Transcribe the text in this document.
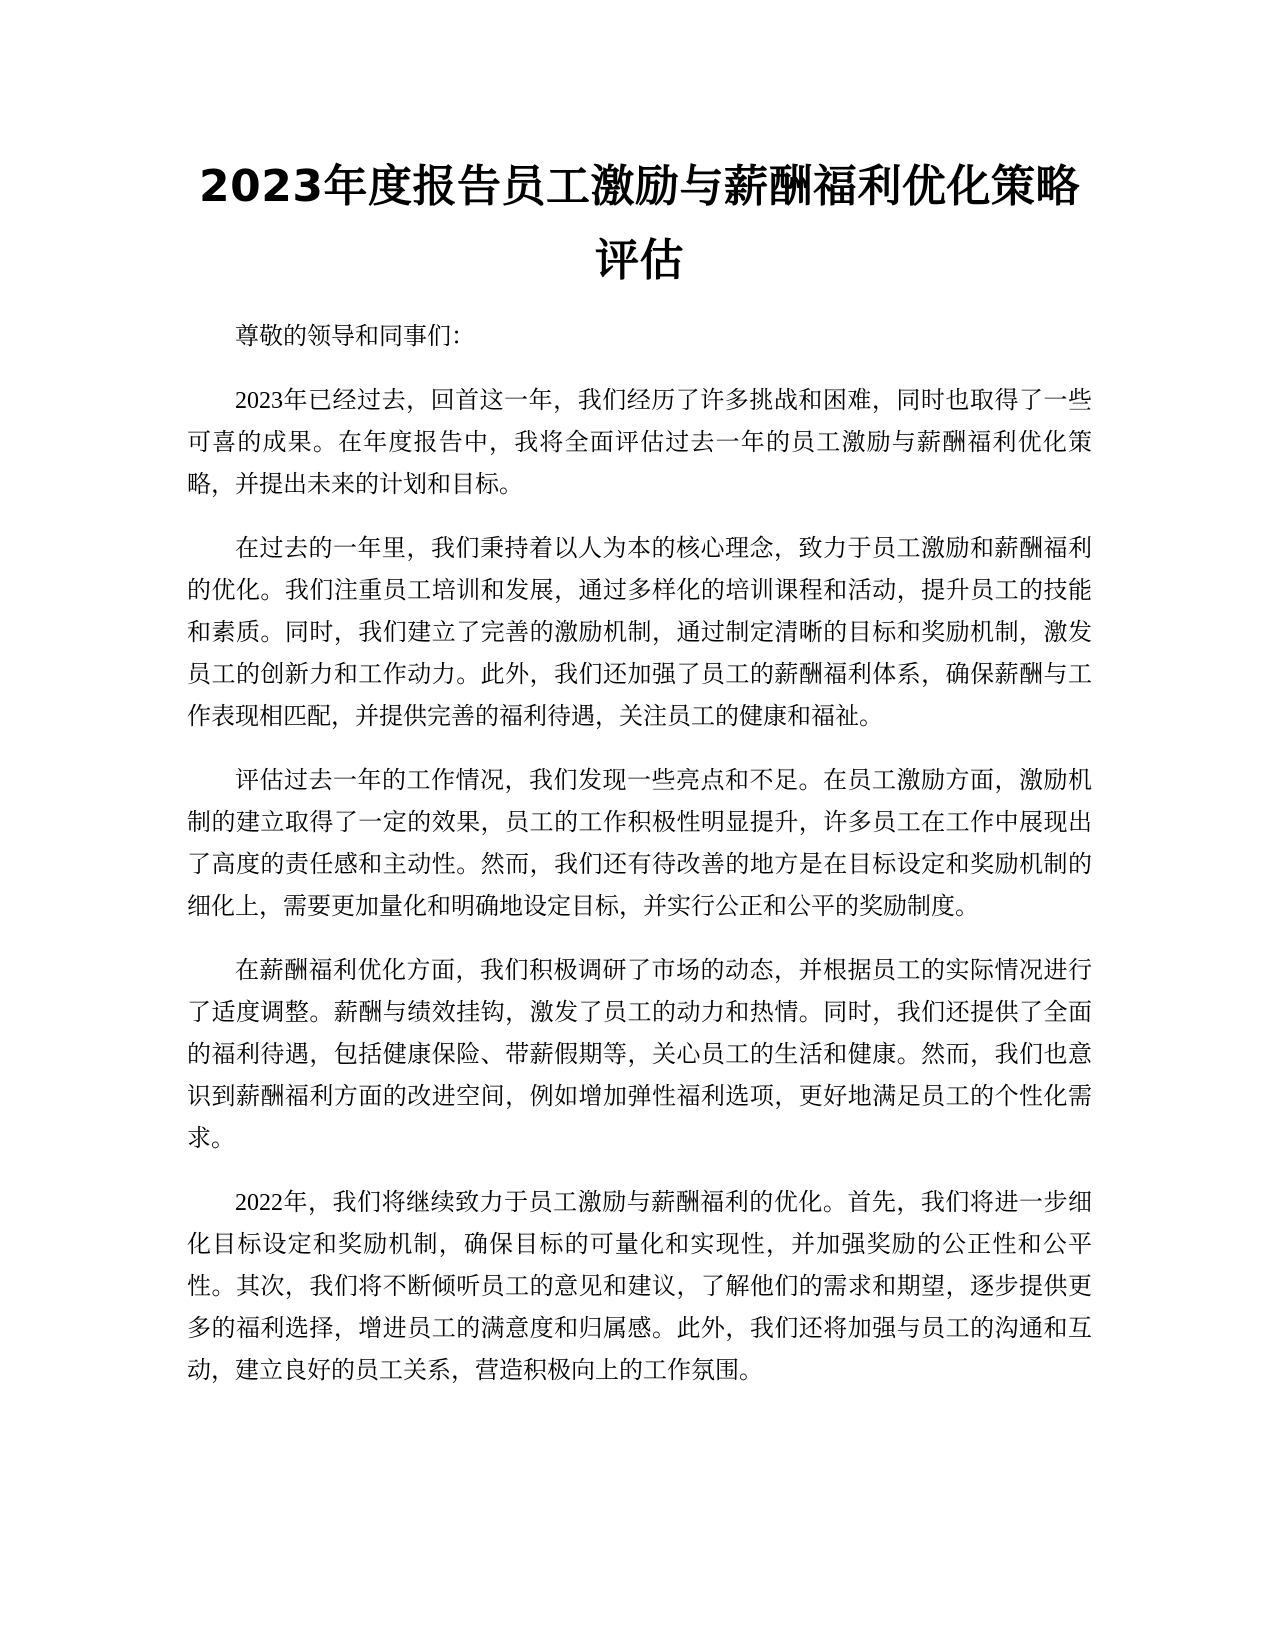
2023年度报告员工激励与薪酬福利优化策略评估

尊敬的领导和同事们：

2023年已经过去，回首这一年，我们经历了许多挑战和困难，同时也取得了一些可喜的成果。在年度报告中，我将全面评估过去一年的员工激励与薪酬福利优化策略，并提出未来的计划和目标。

在过去的一年里，我们秉持着以人为本的核心理念，致力于员工激励和薪酬福利的优化。我们注重员工培训和发展，通过多样化的培训课程和活动，提升员工的技能和素质。同时，我们建立了完善的激励机制，通过制定清晰的目标和奖励机制，激发员工的创新力和工作动力。此外，我们还加强了员工的薪酬福利体系，确保薪酬与工作表现相匹配，并提供完善的福利待遇，关注员工的健康和福祉。

评估过去一年的工作情况，我们发现一些亮点和不足。在员工激励方面，激励机制的建立取得了一定的效果，员工的工作积极性明显提升，许多员工在工作中展现出了高度的责任感和主动性。然而，我们还有待改善的地方是在目标设定和奖励机制的细化上，需要更加量化和明确地设定目标，并实行公正和公平的奖励制度。

在薪酬福利优化方面，我们积极调研了市场的动态，并根据员工的实际情况进行了适度调整。薪酬与绩效挂钩，激发了员工的动力和热情。同时，我们还提供了全面的福利待遇，包括健康保险、带薪假期等，关心员工的生活和健康。然而，我们也意识到薪酬福利方面的改进空间，例如增加弹性福利选项，更好地满足员工的个性化需求。

2022年，我们将继续致力于员工激励与薪酬福利的优化。首先，我们将进一步细化目标设定和奖励机制，确保目标的可量化和实现性，并加强奖励的公正性和公平性。其次，我们将不断倾听员工的意见和建议，了解他们的需求和期望，逐步提供更多的福利选择，增进员工的满意度和归属感。此外，我们还将加强与员工的沟通和互动，建立良好的员工关系，营造积极向上的工作氛围。
